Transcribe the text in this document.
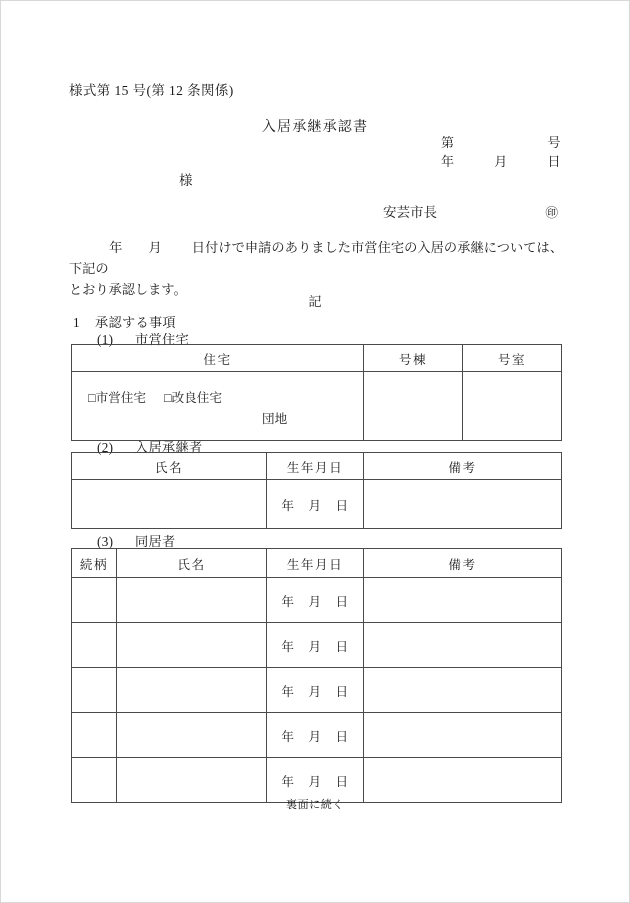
様式第 15 号(第 12 条関係)
入居承継承認書
第	号
年	月	日
様
安芸市長	㊞
年 月 日付けで申請のありました市営住宅の入居の承継については、下記の
とおり承認します。
記
1 承認する事項
(1) 市営住宅
住宅	号棟	号室

□市営住宅 □改良住宅
団地		

(2) 入居承継者
氏名	生年月日	備考
	年 月 日	
(3) 同居者
続柄	氏名	生年月日	備考
		年 月 日	
		年 月 日	
		年 月 日	
		年 月 日	
		年 月 日	
裏面に続く
